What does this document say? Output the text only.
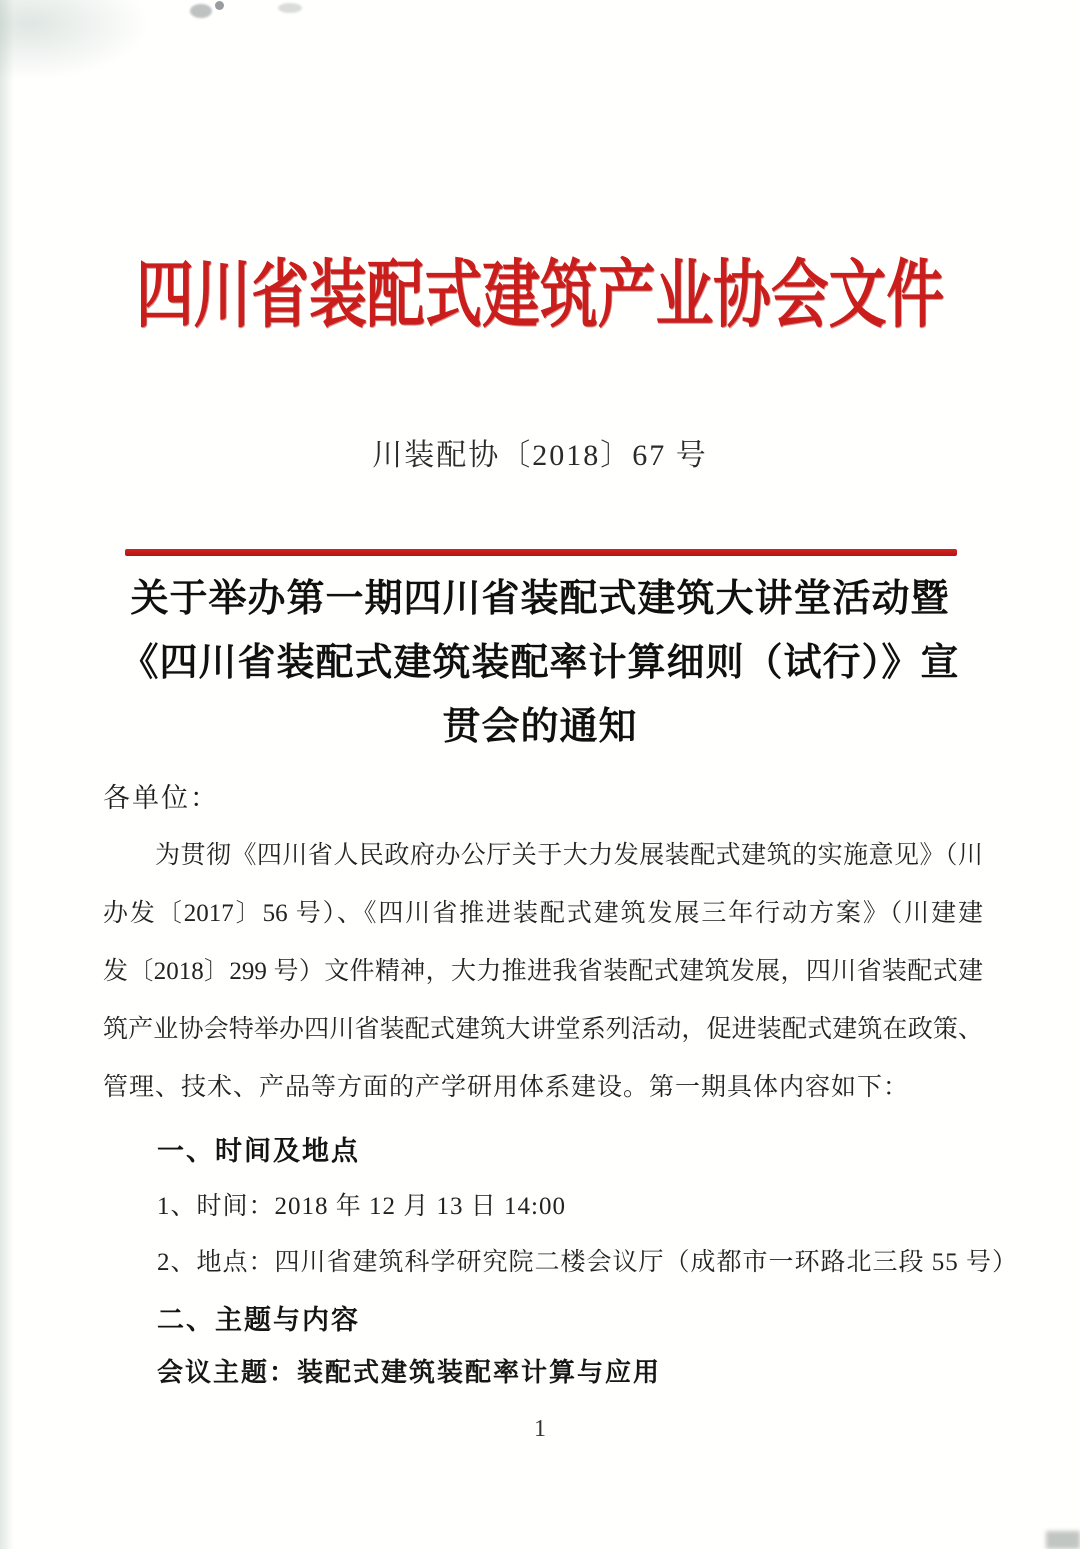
四川省装配式建筑产业协会文件
川装配协〔2018〕67 号
关于举办第一期四川省装配式建筑大讲堂活动暨
《四川省装配式建筑装配率计算细则（试行）》宣
贯会的通知
各单位：
为贯彻《四川省人民政府办公厅关于大力发展装配式建筑的实施意见》（川
办发〔2017〕56 号）、《四川省推进装配式建筑发展三年行动方案》（川建建
发〔2018〕299 号）文件精神，大力推进我省装配式建筑发展，四川省装配式建
筑产业协会特举办四川省装配式建筑大讲堂系列活动，促进装配式建筑在政策、
管理、技术、产品等方面的产学研用体系建设。第一期具体内容如下：
一、时间及地点
1、时间：2018 年 12 月 13 日 14:00
2、地点：四川省建筑科学研究院二楼会议厅（成都市一环路北三段 55 号）
二、主题与内容
会议主题：装配式建筑装配率计算与应用
1
